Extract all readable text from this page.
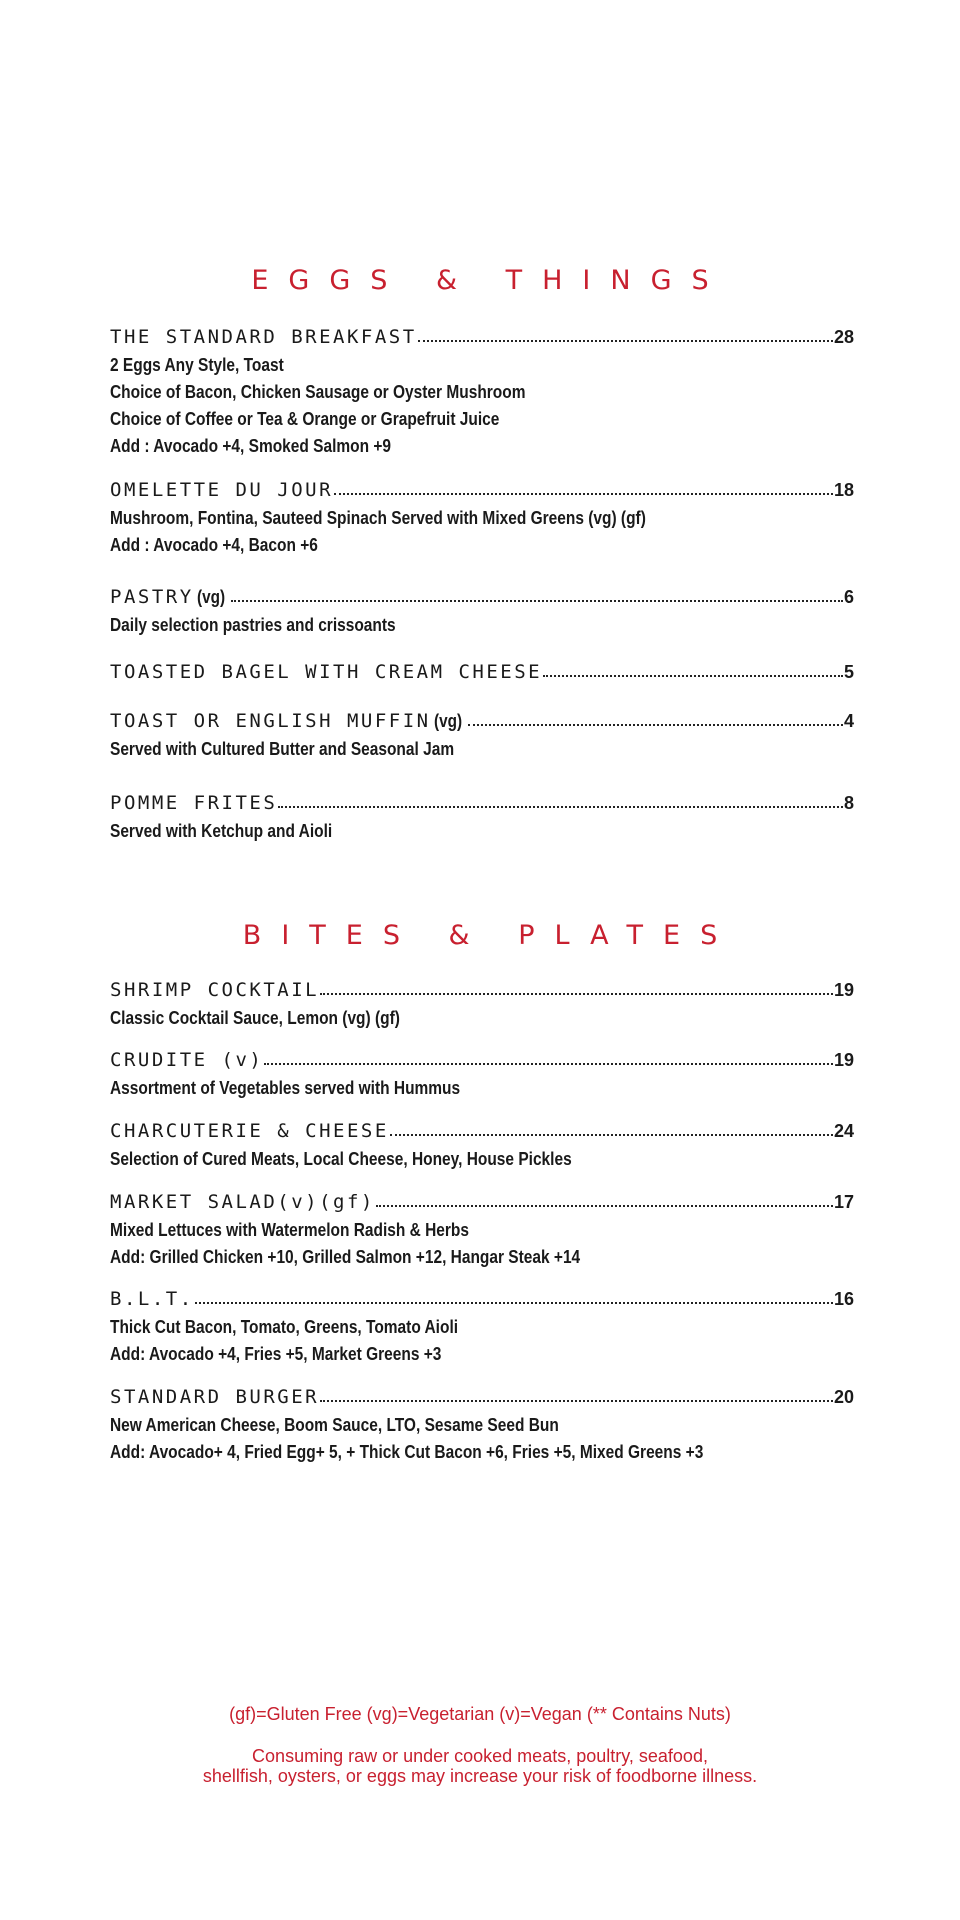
EGGS & THINGS
THE STANDARD BREAKFAST	28
2 Eggs Any Style, Toast
Choice of Bacon, Chicken Sausage or Oyster Mushroom
Choice of Coffee or Tea & Orange or Grapefruit Juice
Add : Avocado +4, Smoked Salmon +9
OMELETTE DU JOUR	18
Mushroom, Fontina, Sauteed Spinach Served with Mixed Greens (vg) (gf)
Add : Avocado +4, Bacon +6
PASTRY (vg)	6
Daily selection pastries and crissoants
TOASTED BAGEL WITH CREAM CHEESE	5
TOAST OR ENGLISH MUFFIN (vg)	4
Served with Cultured Butter and Seasonal Jam
POMME FRITES	8
Served with Ketchup and Aioli
BITES & PLATES
SHRIMP COCKTAIL	19
Classic Cocktail Sauce, Lemon (vg) (gf)
CRUDITE (v)	19
Assortment of Vegetables served with Hummus
CHARCUTERIE & CHEESE	24
Selection of Cured Meats, Local Cheese, Honey, House Pickles
MARKET SALAD(v)(gf)	17
Mixed Lettuces with Watermelon Radish & Herbs
Add: Grilled Chicken +10, Grilled Salmon +12, Hangar Steak +14
B.L.T.	16
Thick Cut Bacon, Tomato, Greens, Tomato Aioli
Add: Avocado +4, Fries +5, Market Greens +3
STANDARD BURGER	20
New American Cheese, Boom Sauce, LTO, Sesame Seed Bun
Add: Avocado+ 4, Fried Egg+ 5, + Thick Cut Bacon +6, Fries +5, Mixed Greens +3
(gf)=Gluten Free (vg)=Vegetarian (v)=Vegan (** Contains Nuts)
Consuming raw or under cooked meats, poultry, seafood,
shellfish, oysters, or eggs may increase your risk of foodborne illness.
